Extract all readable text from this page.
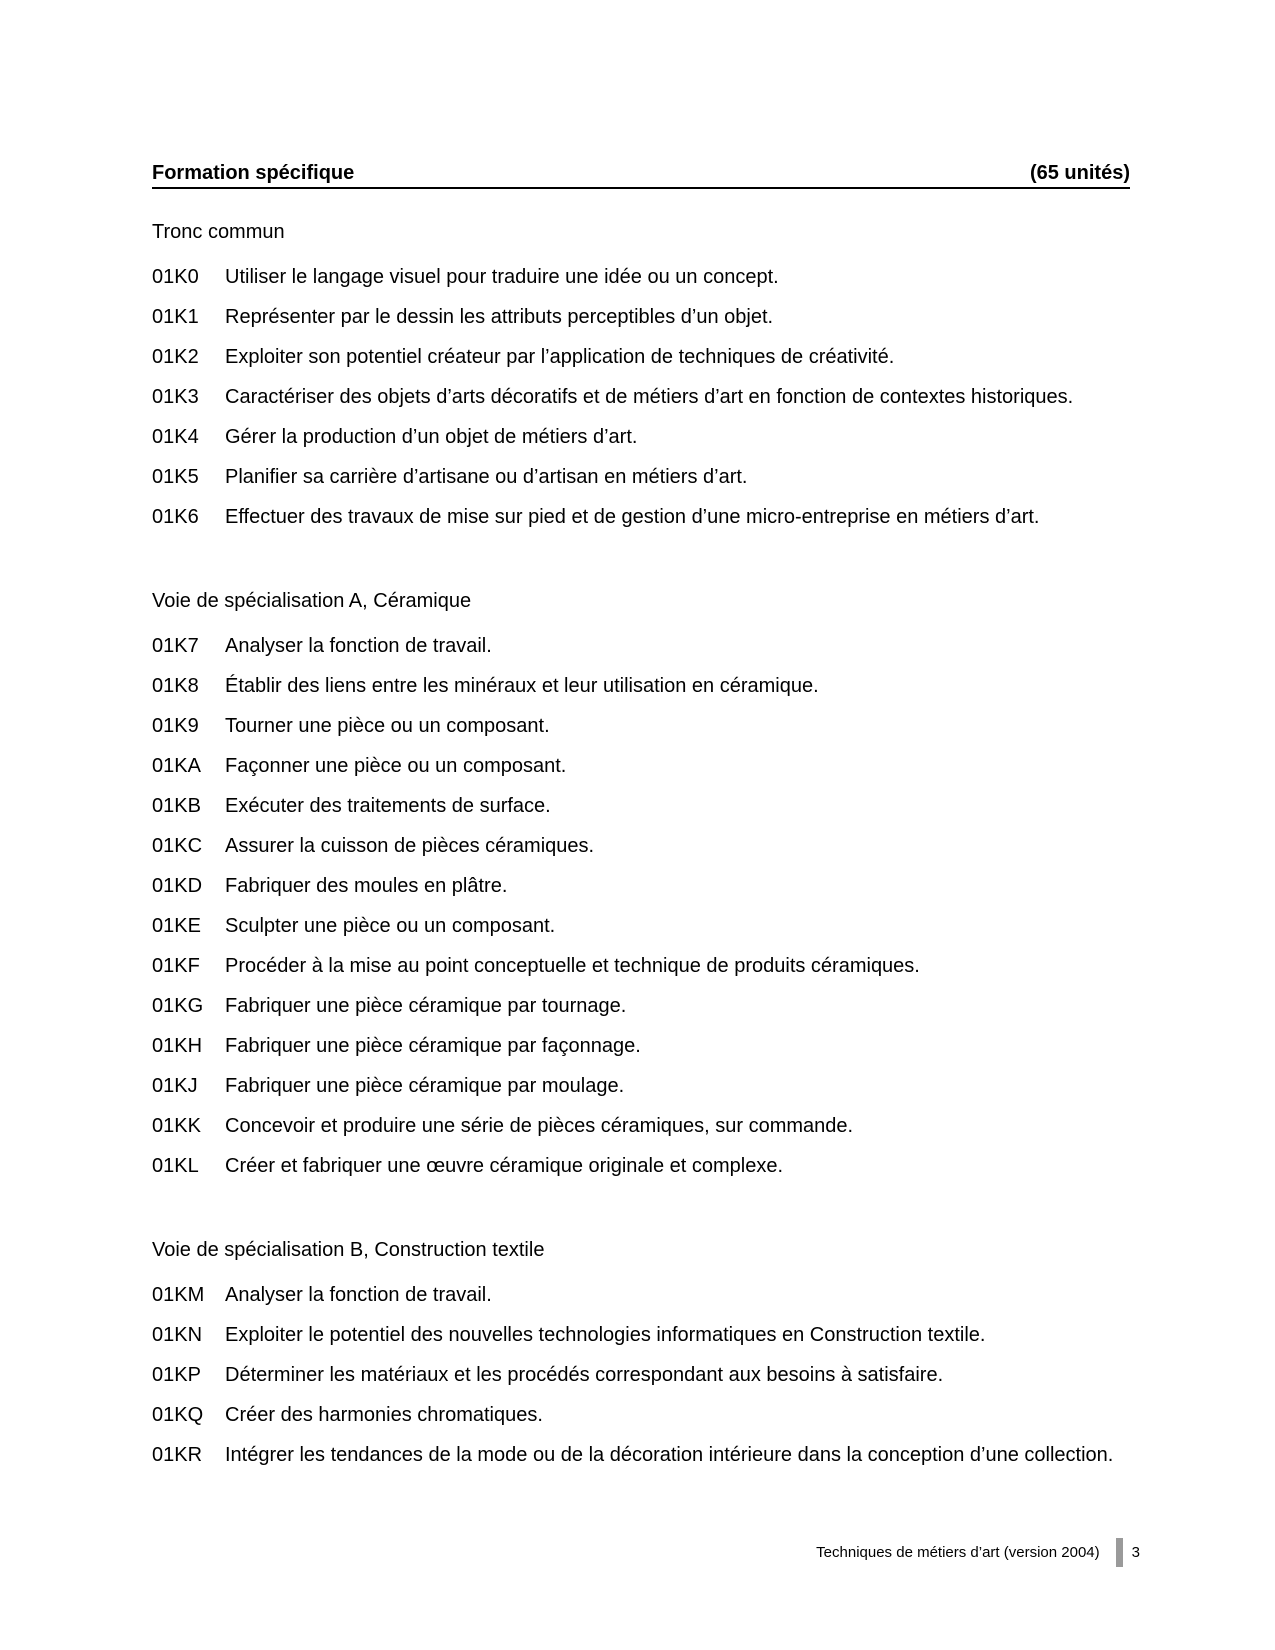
Formation spécifique	(65 unités)
Tronc commun
01K0	Utiliser le langage visuel pour traduire une idée ou un concept.
01K1	Représenter par le dessin les attributs perceptibles d’un objet.
01K2	Exploiter son potentiel créateur par l’application de techniques de créativité.
01K3	Caractériser des objets d’arts décoratifs et de métiers d’art en fonction de contextes historiques.
01K4	Gérer la production d’un objet de métiers d’art.
01K5	Planifier sa carrière d’artisane ou d’artisan en métiers d’art.
01K6	Effectuer des travaux de mise sur pied et de gestion d’une micro-entreprise en métiers d’art.
Voie de spécialisation A, Céramique
01K7	Analyser la fonction de travail.
01K8	Établir des liens entre les minéraux et leur utilisation en céramique.
01K9	Tourner une pièce ou un composant.
01KA	Façonner une pièce ou un composant.
01KB	Exécuter des traitements de surface.
01KC	Assurer la cuisson de pièces céramiques.
01KD	Fabriquer des moules en plâtre.
01KE	Sculpter une pièce ou un composant.
01KF	Procéder à la mise au point conceptuelle et technique de produits céramiques.
01KG	Fabriquer une pièce céramique par tournage.
01KH	Fabriquer une pièce céramique par façonnage.
01KJ	Fabriquer une pièce céramique par moulage.
01KK	Concevoir et produire une série de pièces céramiques, sur commande.
01KL	Créer et fabriquer une œuvre céramique originale et complexe.
Voie de spécialisation B, Construction textile
01KM	Analyser la fonction de travail.
01KN	Exploiter le potentiel des nouvelles technologies informatiques en Construction textile.
01KP	Déterminer les matériaux et les procédés correspondant aux besoins à satisfaire.
01KQ	Créer des harmonies chromatiques.
01KR	Intégrer les tendances de la mode ou de la décoration intérieure dans la conception d’une collection.
Techniques de métiers d’art (version 2004) 3
